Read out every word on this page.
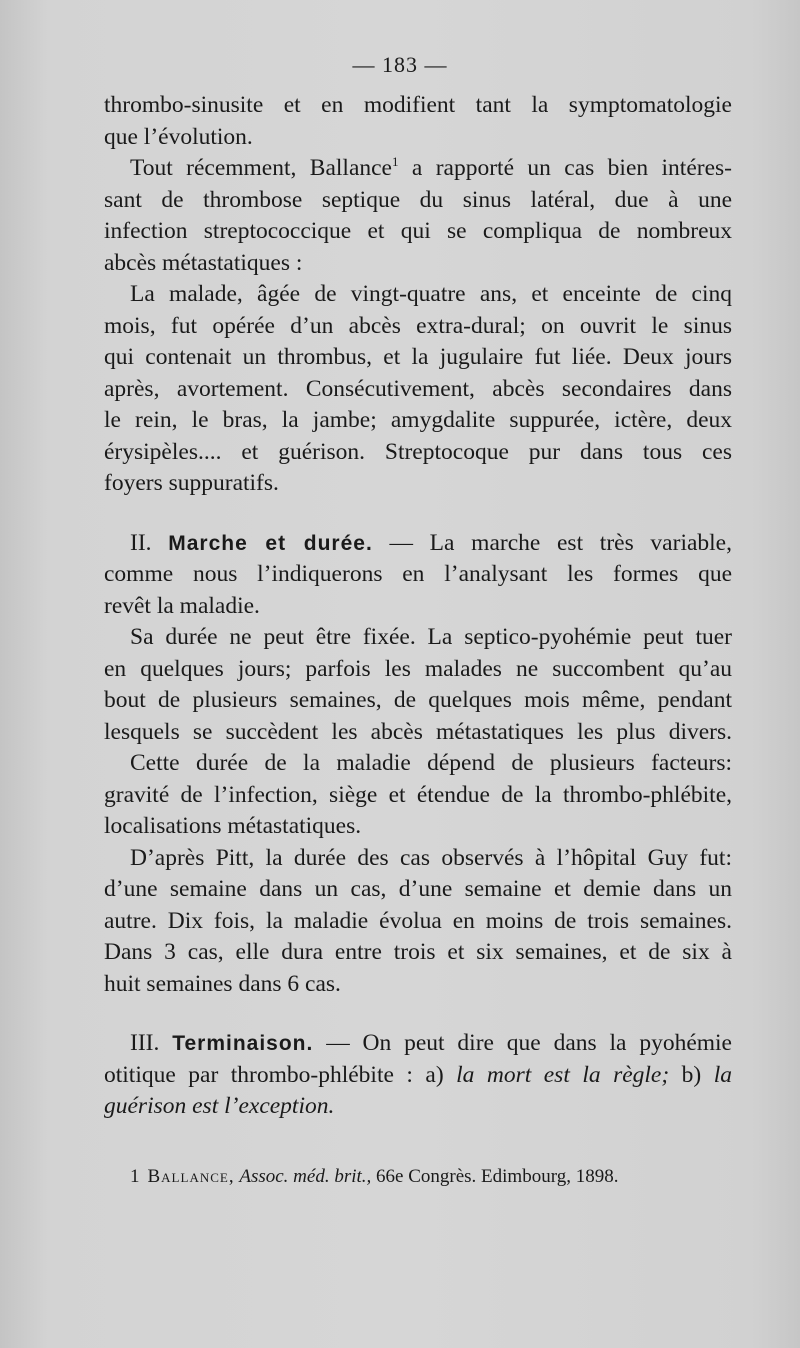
— 183 —
thrombo-sinusite et en modifient tant la symptomatologie
que l’évolution.
Tout récemment, Ballance$^1$ a rapporté un cas bien intéres-
sant de thrombose septique du sinus latéral, due à une
infection streptococcique et qui se compliqua de nombreux
abcès métastatiques :
La malade, âgée de vingt-quatre ans, et enceinte de cinq
mois, fut opérée d’un abcès extra-dural; on ouvrit le sinus
qui contenait un thrombus, et la jugulaire fut liée. Deux jours
après, avortement. Consécutivement, abcès secondaires dans
le rein, le bras, la jambe; amygdalite suppurée, ictère, deux
érysipèles.... et guérison. Streptocoque pur dans tous ces
foyers suppuratifs.
II. Marche et durée. — La marche est très variable,
comme nous l’indiquerons en l’analysant les formes que
revêt la maladie.
Sa durée ne peut être fixée. La septico-pyohémie peut tuer
en quelques jours; parfois les malades ne succombent qu’au
bout de plusieurs semaines, de quelques mois même, pendant
lesquels se succèdent les abcès métastatiques les plus divers.
Cette durée de la maladie dépend de plusieurs facteurs:
gravité de l’infection, siège et étendue de la thrombo-phlébite,
localisations métastatiques.
D’après Pitt, la durée des cas observés à l’hôpital Guy fut:
d’une semaine dans un cas, d’une semaine et demie dans un
autre. Dix fois, la maladie évolua en moins de trois semaines.
Dans 3 cas, elle dura entre trois et six semaines, et de six à
huit semaines dans 6 cas.
III. Terminaison. — On peut dire que dans la pyohémie
otitique par thrombo-phlébite : a) la mort est la règle; b) la
guérison est l’exception.
1 Ballance, Assoc. méd. brit., 66e Congrès. Edimbourg, 1898.
